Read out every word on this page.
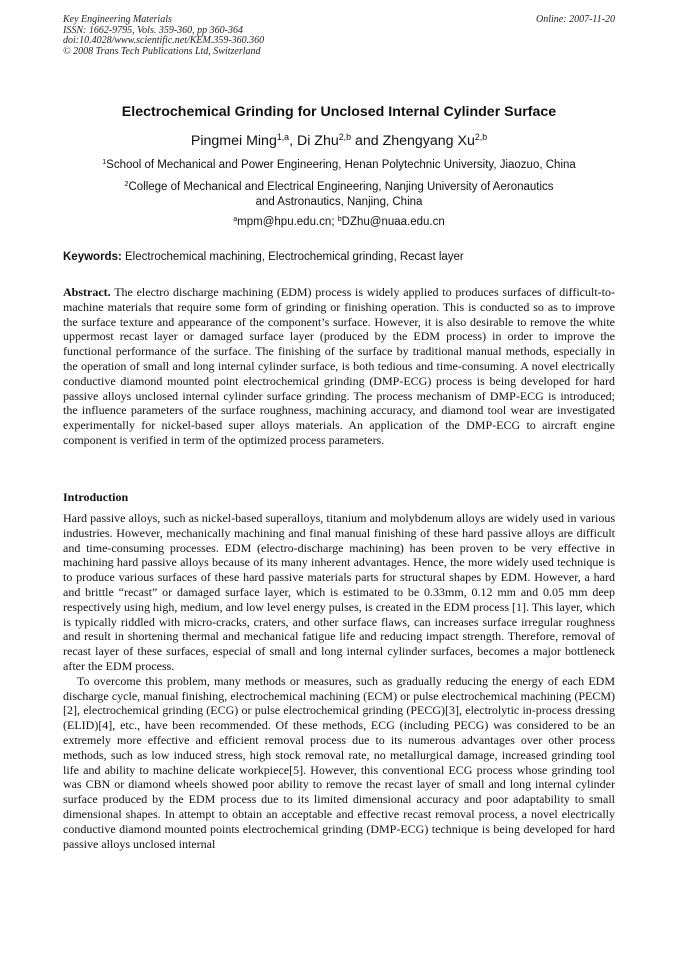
Key Engineering Materials
ISSN: 1662-9795, Vols. 359-360, pp 360-364
doi:10.4028/www.scientific.net/KEM.359-360.360
© 2008 Trans Tech Publications Ltd, Switzerland
Online: 2007-11-20
Electrochemical Grinding for Unclosed Internal Cylinder Surface
Pingmei Ming$^{1,a}$, Di Zhu$^{2,b}$ and Zhengyang Xu$^{2,b}$
$^1$School of Mechanical and Power Engineering, Henan Polytechnic University, Jiaozuo, China
$^2$College of Mechanical and Electrical Engineering, Nanjing University of Aeronautics
and Astronautics, Nanjing, China
$^a$mpm@hpu.edu.cn; $^b$DZhu@nuaa.edu.cn
Keywords: Electrochemical machining, Electrochemical grinding, Recast layer
Abstract. The electro discharge machining (EDM) process is widely applied to produces surfaces of difficult-to-machine materials that require some form of grinding or finishing operation. This is conducted so as to improve the surface texture and appearance of the component’s surface. However, it is also desirable to remove the white uppermost recast layer or damaged surface layer (produced by the EDM process) in order to improve the functional performance of the surface. The finishing of the surface by traditional manual methods, especially in the operation of small and long internal cylinder surface, is both tedious and time-consuming. A novel electrically conductive diamond mounted point electrochemical grinding (DMP-ECG) process is being developed for hard passive alloys unclosed internal cylinder surface grinding. The process mechanism of DMP-ECG is introduced; the influence parameters of the surface roughness, machining accuracy, and diamond tool wear are investigated experimentally for nickel-based super alloys materials. An application of the DMP-ECG to aircraft engine component is verified in term of the optimized process parameters.
Introduction

Hard passive alloys, such as nickel-based superalloys, titanium and molybdenum alloys are widely used in various industries. However, mechanically machining and final manual finishing of these hard passive alloys are difficult and time-consuming processes. EDM (electro-discharge machining) has been proven to be very effective in machining hard passive alloys because of its many inherent advantages. Hence, the more widely used technique is to produce various surfaces of these hard passive materials parts for structural shapes by EDM. However, a hard and brittle “recast” or damaged surface layer, which is estimated to be 0.33mm, 0.12 mm and 0.05 mm deep respectively using high, medium, and low level energy pulses, is created in the EDM process [1]. This layer, which is typically riddled with micro-cracks, craters, and other surface flaws, can increases surface irregular roughness and result in shortening thermal and mechanical fatigue life and reducing impact strength. Therefore, removal of recast layer of these surfaces, especial of small and long internal cylinder surfaces, becomes a major bottleneck after the EDM process.

To overcome this problem, many methods or measures, such as gradually reducing the energy of each EDM discharge cycle, manual finishing, electrochemical machining (ECM) or pulse electrochemical machining (PECM)[2], electrochemical grinding (ECG) or pulse electrochemical grinding (PECG)[3], electrolytic in-process dressing (ELID)[4], etc., have been recommended. Of these methods, ECG (including PECG) was considered to be an extremely more effective and efficient removal process due to its numerous advantages over other process methods, such as low induced stress, high stock removal rate, no metallurgical damage, increased grinding tool life and ability to machine delicate workpiece[5]. However, this conventional ECG process whose grinding tool was CBN or diamond wheels showed poor ability to remove the recast layer of small and long internal cylinder surface produced by the EDM process due to its limited dimensional accuracy and poor adaptability to small dimensional shapes. In attempt to obtain an acceptable and effective recast removal process, a novel electrically conductive diamond mounted points electrochemical grinding (DMP-ECG) technique is being developed for hard passive alloys unclosed internal
